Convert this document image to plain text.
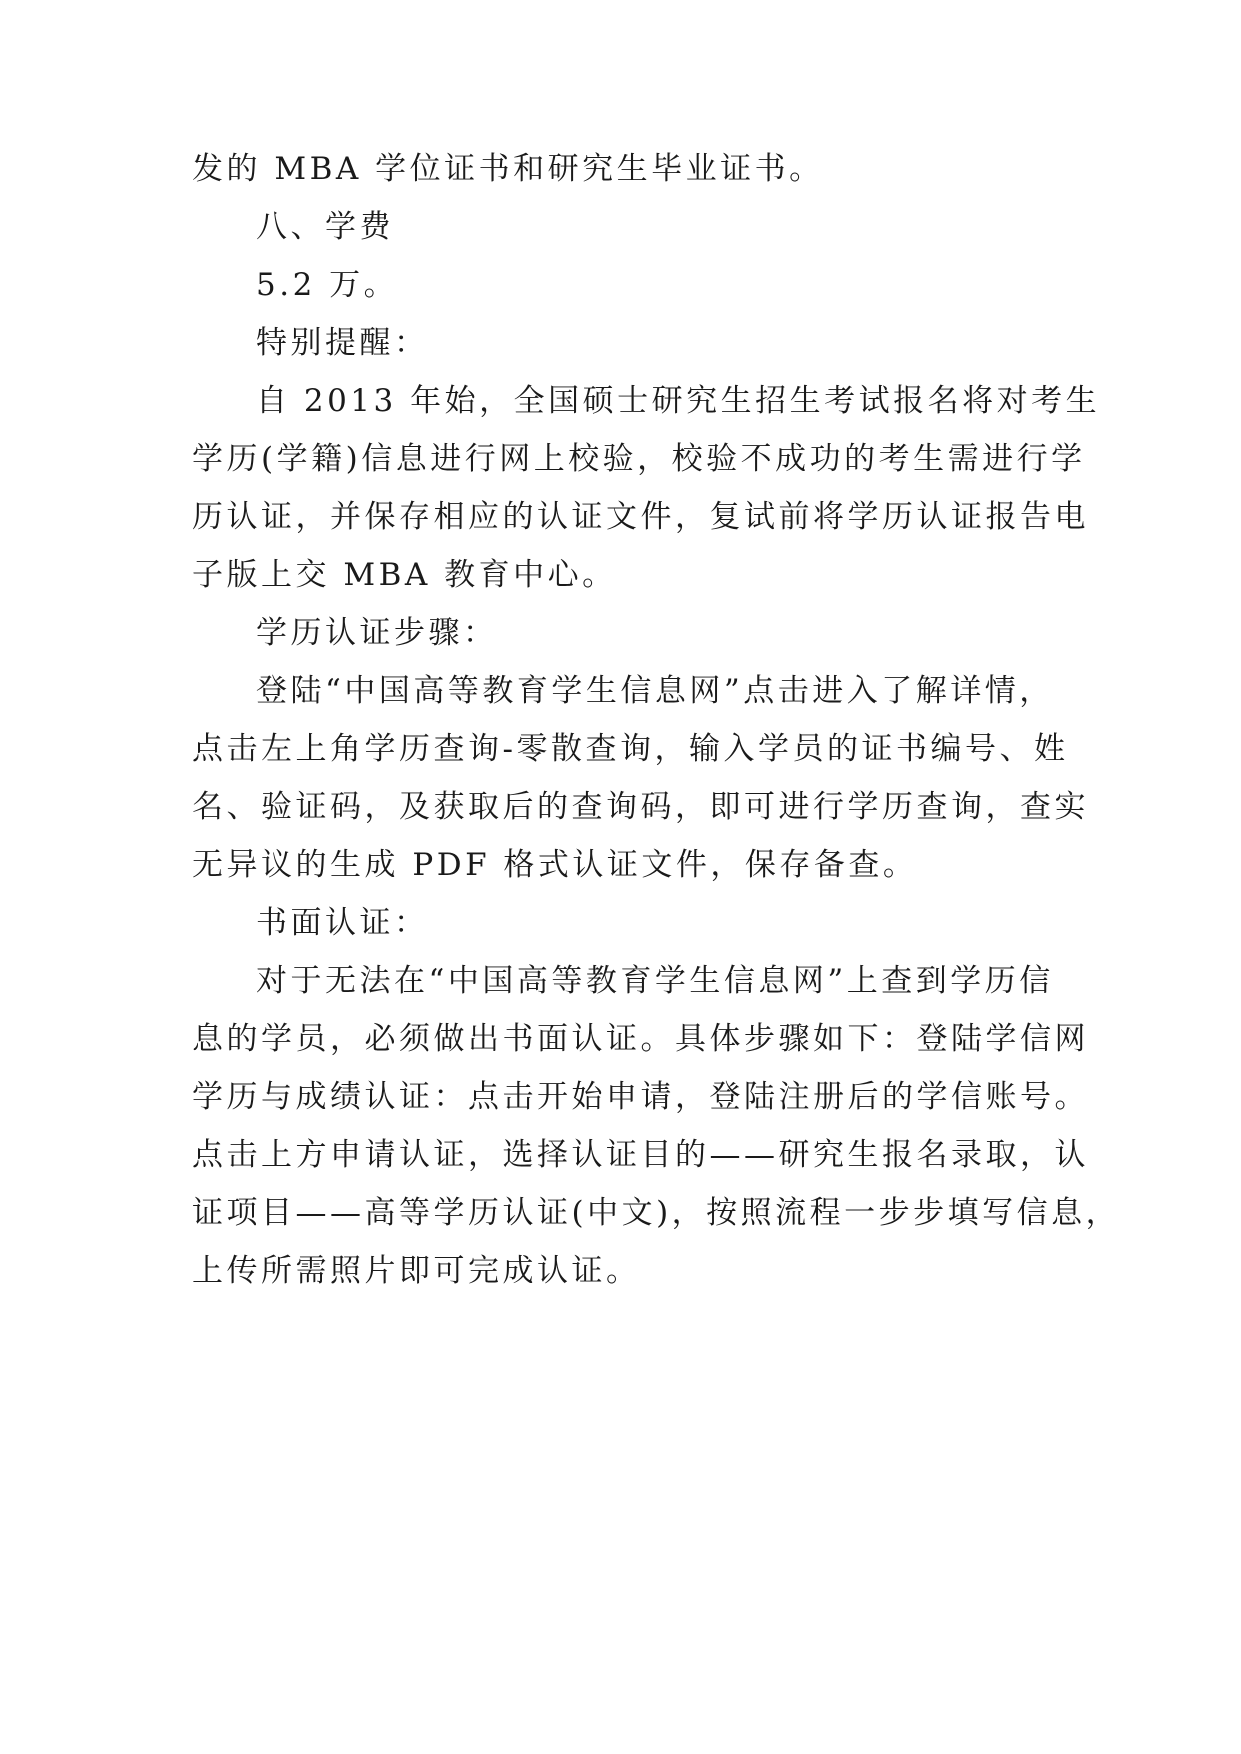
发的 MBA 学位证书和研究生毕业证书。
八、学费
5.2 万。
特别提醒：
自 2013 年始，全国硕士研究生招生考试报名将对考生
学历(学籍)信息进行网上校验，校验不成功的考生需进行学
历认证，并保存相应的认证文件，复试前将学历认证报告电
子版上交 MBA 教育中心。
学历认证步骤：
登陆“中国高等教育学生信息网”点击进入了解详情，
点击左上角学历查询-零散查询，输入学员的证书编号、姓
名、验证码，及获取后的查询码，即可进行学历查询，查实
无异议的生成 PDF 格式认证文件，保存备查。
书面认证：
对于无法在“中国高等教育学生信息网”上查到学历信
息的学员，必须做出书面认证。具体步骤如下：登陆学信网
学历与成绩认证：点击开始申请，登陆注册后的学信账号。
点击上方申请认证，选择认证目的——研究生报名录取，认
证项目——高等学历认证(中文)，按照流程一步步填写信息，
上传所需照片即可完成认证。
